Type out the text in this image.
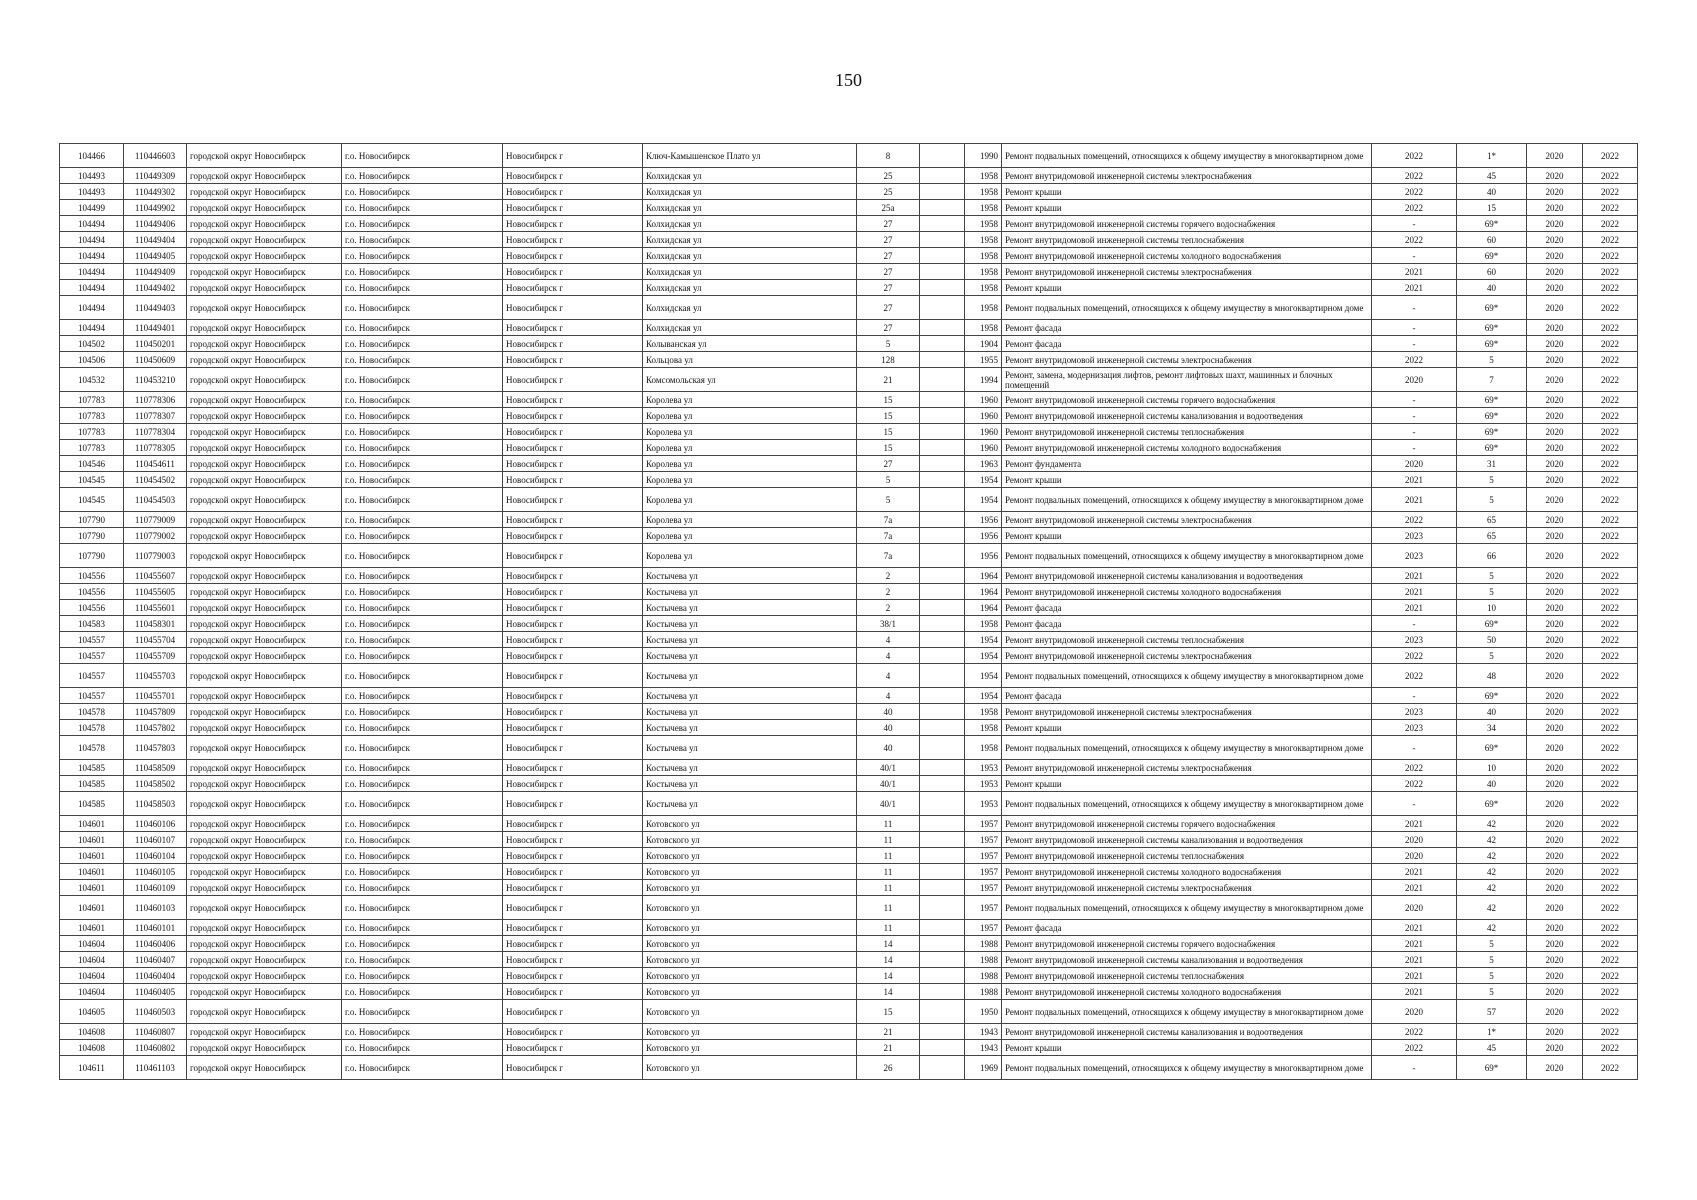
150
104466	110446603	городской округ Новосибирск	г.о. Новосибирск	Новосибирск г	Ключ-Камышенское Плато ул	8		1990	Ремонт подвальных помещений, относящихся к общему имуществу в многоквартирном доме	2022	1*	2020	2022
104493	110449309	городской округ Новосибирск	г.о. Новосибирск	Новосибирск г	Колхидская ул	25		1958	Ремонт внутридомовой инженерной системы электроснабжения	2022	45	2020	2022
104493	110449302	городской округ Новосибирск	г.о. Новосибирск	Новосибирск г	Колхидская ул	25		1958	Ремонт крыши	2022	40	2020	2022
104499	110449902	городской округ Новосибирск	г.о. Новосибирск	Новосибирск г	Колхидская ул	25а		1958	Ремонт крыши	2022	15	2020	2022
104494	110449406	городской округ Новосибирск	г.о. Новосибирск	Новосибирск г	Колхидская ул	27		1958	Ремонт внутридомовой инженерной системы горячего водоснабжения	-	69*	2020	2022
104494	110449404	городской округ Новосибирск	г.о. Новосибирск	Новосибирск г	Колхидская ул	27		1958	Ремонт внутридомовой инженерной системы теплоснабжения	2022	60	2020	2022
104494	110449405	городской округ Новосибирск	г.о. Новосибирск	Новосибирск г	Колхидская ул	27		1958	Ремонт внутридомовой инженерной системы холодного водоснабжения	-	69*	2020	2022
104494	110449409	городской округ Новосибирск	г.о. Новосибирск	Новосибирск г	Колхидская ул	27		1958	Ремонт внутридомовой инженерной системы электроснабжения	2021	60	2020	2022
104494	110449402	городской округ Новосибирск	г.о. Новосибирск	Новосибирск г	Колхидская ул	27		1958	Ремонт крыши	2021	40	2020	2022
104494	110449403	городской округ Новосибирск	г.о. Новосибирск	Новосибирск г	Колхидская ул	27		1958	Ремонт подвальных помещений, относящихся к общему имуществу в многоквартирном доме	-	69*	2020	2022
104494	110449401	городской округ Новосибирск	г.о. Новосибирск	Новосибирск г	Колхидская ул	27		1958	Ремонт фасада	-	69*	2020	2022
104502	110450201	городской округ Новосибирск	г.о. Новосибирск	Новосибирск г	Колыванская ул	5		1904	Ремонт фасада	-	69*	2020	2022
104506	110450609	городской округ Новосибирск	г.о. Новосибирск	Новосибирск г	Кольцова ул	128		1955	Ремонт внутридомовой инженерной системы электроснабжения	2022	5	2020	2022
104532	110453210	городской округ Новосибирск	г.о. Новосибирск	Новосибирск г	Комсомольская ул	21		1994	Ремонт, замена, модернизация лифтов, ремонт лифтовых шахт, машинных и блочных помещений	2020	7	2020	2022
107783	110778306	городской округ Новосибирск	г.о. Новосибирск	Новосибирск г	Королева ул	15		1960	Ремонт внутридомовой инженерной системы горячего водоснабжения	-	69*	2020	2022
107783	110778307	городской округ Новосибирск	г.о. Новосибирск	Новосибирск г	Королева ул	15		1960	Ремонт внутридомовой инженерной системы канализования и водоотведения	-	69*	2020	2022
107783	110778304	городской округ Новосибирск	г.о. Новосибирск	Новосибирск г	Королева ул	15		1960	Ремонт внутридомовой инженерной системы теплоснабжения	-	69*	2020	2022
107783	110778305	городской округ Новосибирск	г.о. Новосибирск	Новосибирск г	Королева ул	15		1960	Ремонт внутридомовой инженерной системы холодного водоснабжения	-	69*	2020	2022
104546	110454611	городской округ Новосибирск	г.о. Новосибирск	Новосибирск г	Королева ул	27		1963	Ремонт фундамента	2020	31	2020	2022
104545	110454502	городской округ Новосибирск	г.о. Новосибирск	Новосибирск г	Королева ул	5		1954	Ремонт крыши	2021	5	2020	2022
104545	110454503	городской округ Новосибирск	г.о. Новосибирск	Новосибирск г	Королева ул	5		1954	Ремонт подвальных помещений, относящихся к общему имуществу в многоквартирном доме	2021	5	2020	2022
107790	110779009	городской округ Новосибирск	г.о. Новосибирск	Новосибирск г	Королева ул	7а		1956	Ремонт внутридомовой инженерной системы электроснабжения	2022	65	2020	2022
107790	110779002	городской округ Новосибирск	г.о. Новосибирск	Новосибирск г	Королева ул	7а		1956	Ремонт крыши	2023	65	2020	2022
107790	110779003	городской округ Новосибирск	г.о. Новосибирск	Новосибирск г	Королева ул	7а		1956	Ремонт подвальных помещений, относящихся к общему имуществу в многоквартирном доме	2023	66	2020	2022
104556	110455607	городской округ Новосибирск	г.о. Новосибирск	Новосибирск г	Костычева ул	2		1964	Ремонт внутридомовой инженерной системы канализования и водоотведения	2021	5	2020	2022
104556	110455605	городской округ Новосибирск	г.о. Новосибирск	Новосибирск г	Костычева ул	2		1964	Ремонт внутридомовой инженерной системы холодного водоснабжения	2021	5	2020	2022
104556	110455601	городской округ Новосибирск	г.о. Новосибирск	Новосибирск г	Костычева ул	2		1964	Ремонт фасада	2021	10	2020	2022
104583	110458301	городской округ Новосибирск	г.о. Новосибирск	Новосибирск г	Костычева ул	38/1		1958	Ремонт фасада	-	69*	2020	2022
104557	110455704	городской округ Новосибирск	г.о. Новосибирск	Новосибирск г	Костычева ул	4		1954	Ремонт внутридомовой инженерной системы теплоснабжения	2023	50	2020	2022
104557	110455709	городской округ Новосибирск	г.о. Новосибирск	Новосибирск г	Костычева ул	4		1954	Ремонт внутридомовой инженерной системы электроснабжения	2022	5	2020	2022
104557	110455703	городской округ Новосибирск	г.о. Новосибирск	Новосибирск г	Костычева ул	4		1954	Ремонт подвальных помещений, относящихся к общему имуществу в многоквартирном доме	2022	48	2020	2022
104557	110455701	городской округ Новосибирск	г.о. Новосибирск	Новосибирск г	Костычева ул	4		1954	Ремонт фасада	-	69*	2020	2022
104578	110457809	городской округ Новосибирск	г.о. Новосибирск	Новосибирск г	Костычева ул	40		1958	Ремонт внутридомовой инженерной системы электроснабжения	2023	40	2020	2022
104578	110457802	городской округ Новосибирск	г.о. Новосибирск	Новосибирск г	Костычева ул	40		1958	Ремонт крыши	2023	34	2020	2022
104578	110457803	городской округ Новосибирск	г.о. Новосибирск	Новосибирск г	Костычева ул	40		1958	Ремонт подвальных помещений, относящихся к общему имуществу в многоквартирном доме	-	69*	2020	2022
104585	110458509	городской округ Новосибирск	г.о. Новосибирск	Новосибирск г	Костычева ул	40/1		1953	Ремонт внутридомовой инженерной системы электроснабжения	2022	10	2020	2022
104585	110458502	городской округ Новосибирск	г.о. Новосибирск	Новосибирск г	Костычева ул	40/1		1953	Ремонт крыши	2022	40	2020	2022
104585	110458503	городской округ Новосибирск	г.о. Новосибирск	Новосибирск г	Костычева ул	40/1		1953	Ремонт подвальных помещений, относящихся к общему имуществу в многоквартирном доме	-	69*	2020	2022
104601	110460106	городской округ Новосибирск	г.о. Новосибирск	Новосибирск г	Котовского ул	11		1957	Ремонт внутридомовой инженерной системы горячего водоснабжения	2021	42	2020	2022
104601	110460107	городской округ Новосибирск	г.о. Новосибирск	Новосибирск г	Котовского ул	11		1957	Ремонт внутридомовой инженерной системы канализования и водоотведения	2020	42	2020	2022
104601	110460104	городской округ Новосибирск	г.о. Новосибирск	Новосибирск г	Котовского ул	11		1957	Ремонт внутридомовой инженерной системы теплоснабжения	2020	42	2020	2022
104601	110460105	городской округ Новосибирск	г.о. Новосибирск	Новосибирск г	Котовского ул	11		1957	Ремонт внутридомовой инженерной системы холодного водоснабжения	2021	42	2020	2022
104601	110460109	городской округ Новосибирск	г.о. Новосибирск	Новосибирск г	Котовского ул	11		1957	Ремонт внутридомовой инженерной системы электроснабжения	2021	42	2020	2022
104601	110460103	городской округ Новосибирск	г.о. Новосибирск	Новосибирск г	Котовского ул	11		1957	Ремонт подвальных помещений, относящихся к общему имуществу в многоквартирном доме	2020	42	2020	2022
104601	110460101	городской округ Новосибирск	г.о. Новосибирск	Новосибирск г	Котовского ул	11		1957	Ремонт фасада	2021	42	2020	2022
104604	110460406	городской округ Новосибирск	г.о. Новосибирск	Новосибирск г	Котовского ул	14		1988	Ремонт внутридомовой инженерной системы горячего водоснабжения	2021	5	2020	2022
104604	110460407	городской округ Новосибирск	г.о. Новосибирск	Новосибирск г	Котовского ул	14		1988	Ремонт внутридомовой инженерной системы канализования и водоотведения	2021	5	2020	2022
104604	110460404	городской округ Новосибирск	г.о. Новосибирск	Новосибирск г	Котовского ул	14		1988	Ремонт внутридомовой инженерной системы теплоснабжения	2021	5	2020	2022
104604	110460405	городской округ Новосибирск	г.о. Новосибирск	Новосибирск г	Котовского ул	14		1988	Ремонт внутридомовой инженерной системы холодного водоснабжения	2021	5	2020	2022
104605	110460503	городской округ Новосибирск	г.о. Новосибирск	Новосибирск г	Котовского ул	15		1950	Ремонт подвальных помещений, относящихся к общему имуществу в многоквартирном доме	2020	57	2020	2022
104608	110460807	городской округ Новосибирск	г.о. Новосибирск	Новосибирск г	Котовского ул	21		1943	Ремонт внутридомовой инженерной системы канализования и водоотведения	2022	1*	2020	2022
104608	110460802	городской округ Новосибирск	г.о. Новосибирск	Новосибирск г	Котовского ул	21		1943	Ремонт крыши	2022	45	2020	2022
104611	110461103	городской округ Новосибирск	г.о. Новосибирск	Новосибирск г	Котовского ул	26		1969	Ремонт подвальных помещений, относящихся к общему имуществу в многоквартирном доме	-	69*	2020	2022
